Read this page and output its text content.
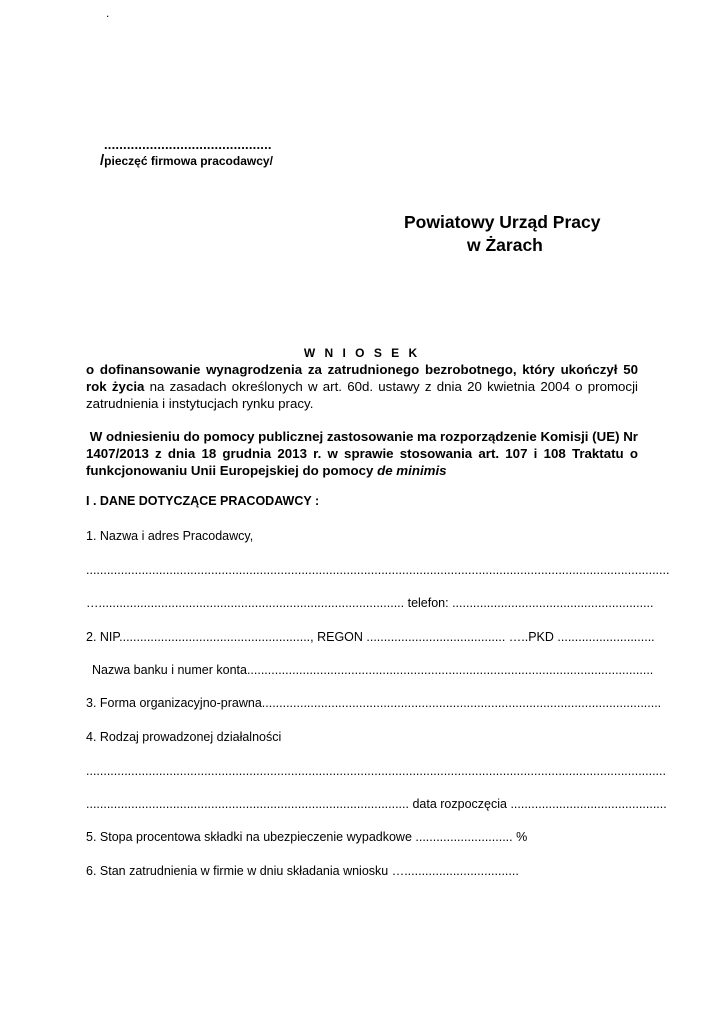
.
............................................
/pieczęć firmowa pracodawcy/
Powiatowy Urząd Pracy
w Żarach
W N I O S E K
o dofinansowanie wynagrodzenia za zatrudnionego bezrobotnego, który ukończył 50 rok życia na zasadach określonych w art. 60d. ustawy z dnia 20 kwietnia 2004 o promocji zatrudnienia i instytucjach rynku pracy.
W odniesieniu do pomocy publicznej zastosowanie ma rozporządzenie Komisji (UE) Nr 1407/2013 z dnia 18 grudnia 2013 r. w sprawie stosowania art. 107 i 108 Traktatu o funkcjonowaniu Unii Europejskiej do pomocy de minimis
I . DANE DOTYCZĄCE PRACODAWCY :
1. Nazwa i adres Pracodawcy,
........................................................................................................................................................................
…........................................................................................ telefon: ..........................................................
2. NIP......................................................., REGON ........................................ …..PKD ............................
Nazwa banku i numer konta.....................................................................................................................
3. Forma organizacyjno-prawna...................................................................................................................
4. Rodzaj prowadzonej działalności
.......................................................................................................................................................................
............................................................................................. data rozpoczęcia .............................................
5. Stopa procentowa składki na ubezpieczenie wypadkowe ............................ %
6. Stan zatrudnienia w firmie w dniu składania wniosku ….................................
